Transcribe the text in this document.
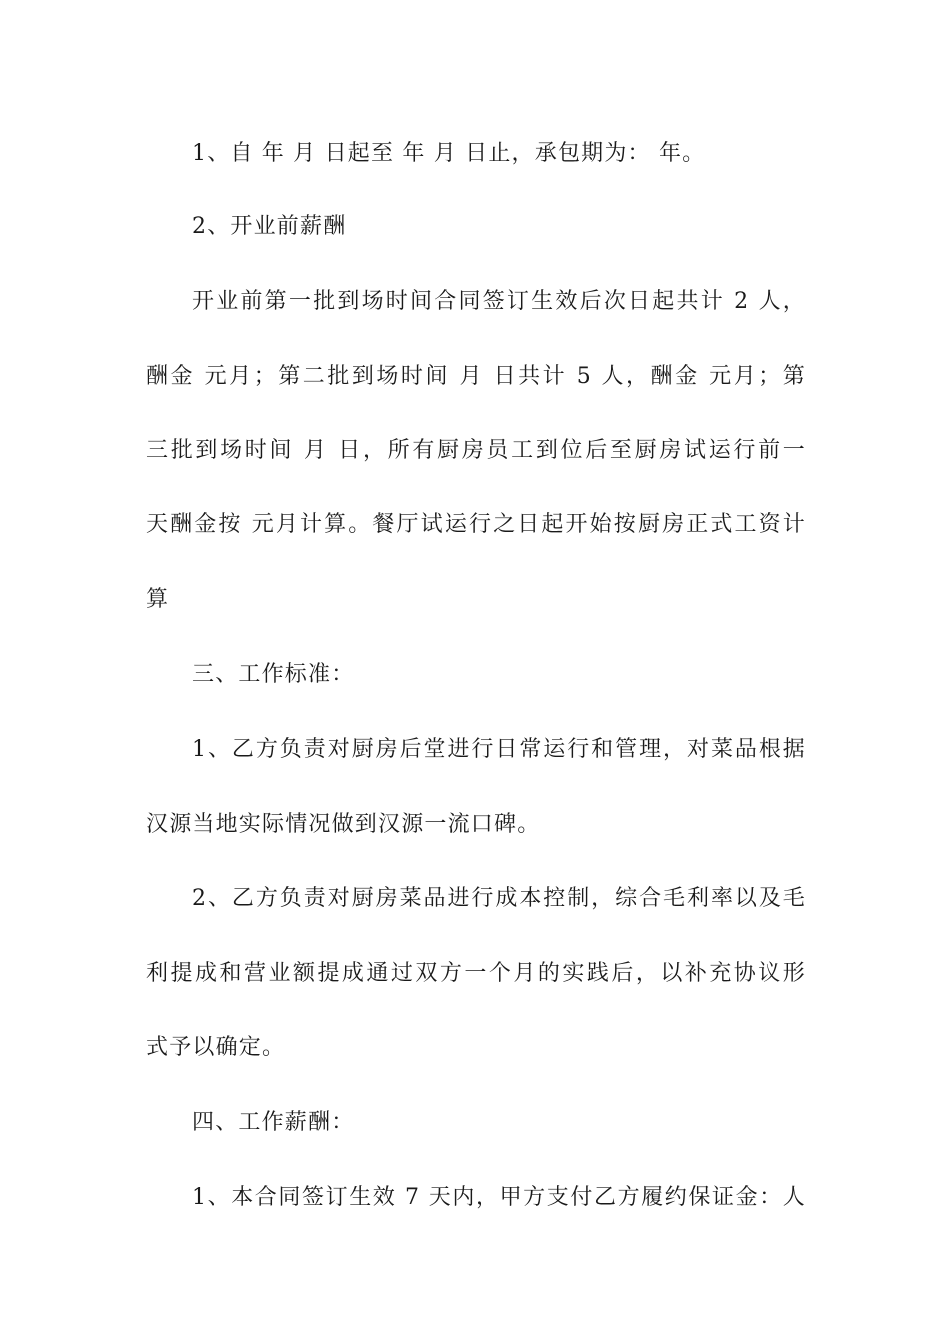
1、自 年 月 日起至 年 月 日止，承包期为： 年。
2、开业前薪酬
开业前第一批到场时间合同签订生效后次日起共计 2 人，
酬金 元月；第二批到场时间 月 日共计 5 人，酬金 元月；第
三批到场时间 月 日，所有厨房员工到位后至厨房试运行前一
天酬金按 元月计算。餐厅试运行之日起开始按厨房正式工资计
算
三、工作标准：
1、乙方负责对厨房后堂进行日常运行和管理，对菜品根据
汉源当地实际情况做到汉源一流口碑。
2、乙方负责对厨房菜品进行成本控制，综合毛利率以及毛
利提成和营业额提成通过双方一个月的实践后，以补充协议形
式予以确定。
四、工作薪酬：
1、本合同签订生效 7 天内，甲方支付乙方履约保证金：人
